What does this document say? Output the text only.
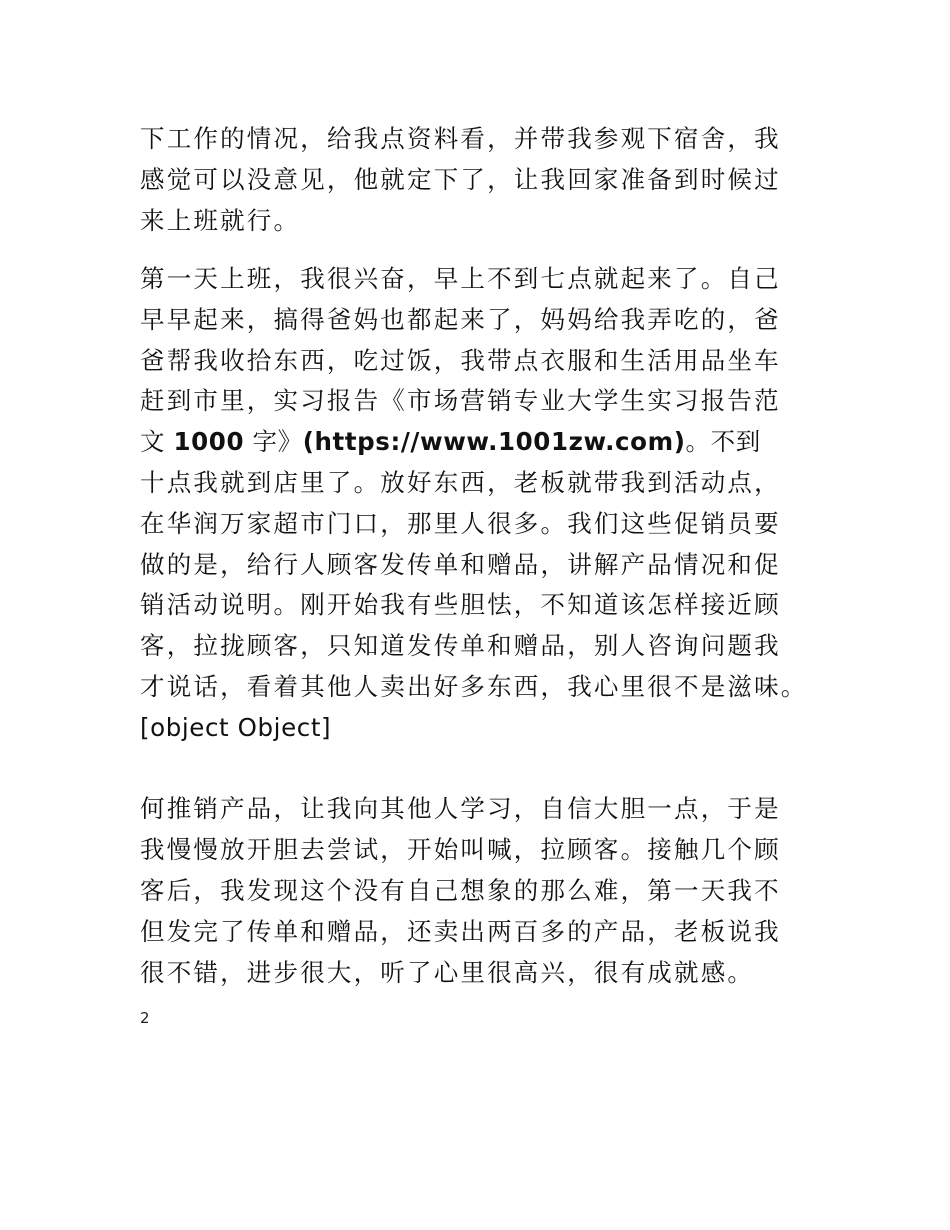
下工作的情况，给我点资料看，并带我参观下宿舍，我
感觉可以没意见，他就定下了，让我回家准备到时候过
来上班就行。
第一天上班，我很兴奋，早上不到七点就起来了。自己
早早起来，搞得爸妈也都起来了，妈妈给我弄吃的，爸
爸帮我收拾东西，吃过饭，我带点衣服和生活用品坐车
赶到市里，实习报告《市场营销专业大学生实习报告范
文 1000 字》(https://www.1001zw.com)。不到
十点我就到店里了。放好东西，老板就带我到活动点，
在华润万家超市门口，那里人很多。我们这些促销员要
做的是，给行人顾客发传单和赠品，讲解产品情况和促
销活动说明。刚开始我有些胆怯，不知道该怎样接近顾
客，拉拢顾客，只知道发传单和赠品，别人咨询问题我
才说话，看着其他人卖出好多东西，我心里很不是滋味。
[object Object]
何推销产品，让我向其他人学习，自信大胆一点，于是
我慢慢放开胆去尝试，开始叫喊，拉顾客。接触几个顾
客后，我发现这个没有自己想象的那么难，第一天我不
但发完了传单和赠品，还卖出两百多的产品，老板说我
很不错，进步很大，听了心里很高兴，很有成就感。
2
